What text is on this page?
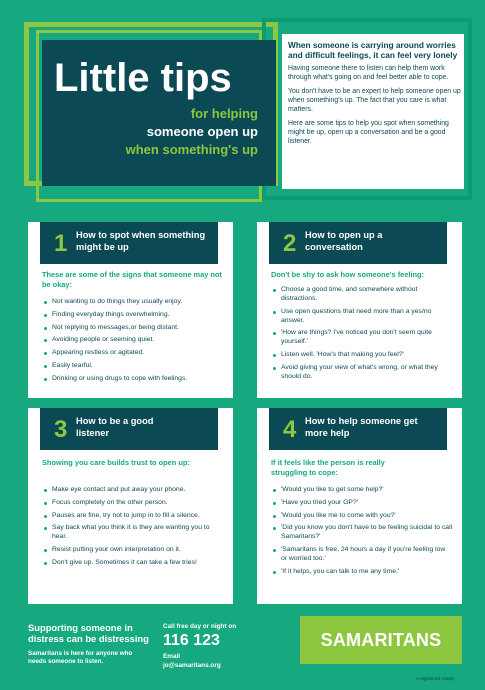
Little tips
for helping
someone open up
when something's up

When someone is carrying around worries and difficult feelings, it can feel very lonely

Having someone there to listen can help them work through what's going on and feel better able to cope.

You don't have to be an expert to help someone open up when something's up. The fact that you care is what matters.

Here are some tips to help you spot when something might be up, open up a conversation and be a good listener.

1 How to spot when something might be up
These are some of the signs that someone may not be okay:
Not wanting to do things they usually enjoy.
Finding everyday things overwhelming.
Not replying to messages,or being distant.
Avoiding people or seeming quiet.
Appearing restless or agitated.
Easily tearful.
Drinking or using drugs to cope with feelings.
2 How to open up a conversation
Don't be shy to ask how someone's feeling:
Choose a good time, and somewhere without distractions.
Use open questions that need more than a yes/no answer.
'How are things? I've noticed you don't seem quite yourself.'
Listen well. 'How's that making you feel?'
Avoid giving your view of what's wrong, or what they should do.
3 How to be a good listener
Showing you care builds trust to open up:
Make eye contact and put away your phone.
Focus completely on the other person.
Pauses are fine, try not to jump in to fill a silence.
Say back what you think it is they are wanting you to hear.
Resist putting your own interpretation on it.
Don't give up. Sometimes it can take a few tries!
4 How to help someone get more help
If it feels like the person is really struggling to cope:
'Would you like to get some help?'
'Have you tried your GP?'
'Would you like me to come with you?'
'Did you know you don't have to be feeling suicidal to call Samaritans?'
'Samaritans is free, 24 hours a day if you're feeling low or worried too.'
'If it helps, you can talk to me any time.'
Supporting someone in distress can be distressing
Samaritans is here for anyone who needs someone to listen.
Call free day or night on
116 123
Email
jo@samaritans.org
SAMARITANS
A registered charity
